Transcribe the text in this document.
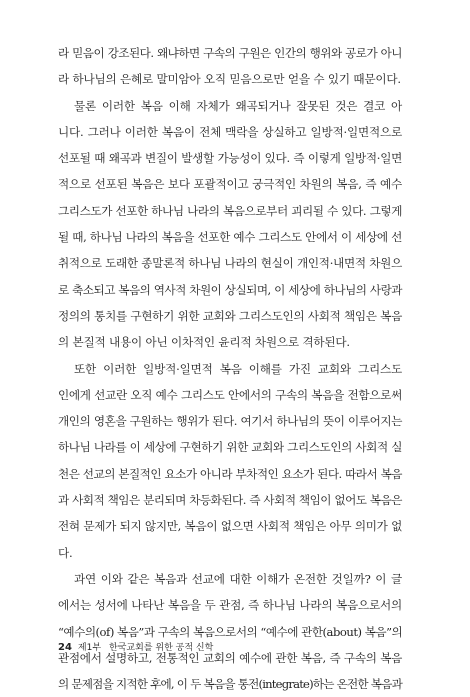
라 믿음이 강조된다. 왜냐하면 구속의 구원은 인간의 행위와 공로가 아니
라 하나님의 은혜로 말미암아 오직 믿음으로만 얻을 수 있기 때문이다.
물론 이러한 복음 이해 자체가 왜곡되거나 잘못된 것은 결코 아
니다. 그러나 이러한 복음이 전체 맥락을 상실하고 일방적·일면적으로
선포될 때 왜곡과 변질이 발생할 가능성이 있다. 즉 이렇게 일방적·일면
적으로 선포된 복음은 보다 포괄적이고 궁극적인 차원의 복음, 즉 예수
그리스도가 선포한 하나님 나라의 복음으로부터 괴리될 수 있다. 그렇게
될 때, 하나님 나라의 복음을 선포한 예수 그리스도 안에서 이 세상에 선
취적으로 도래한 종말론적 하나님 나라의 현실이 개인적·내면적 차원으
로 축소되고 복음의 역사적 차원이 상실되며, 이 세상에 하나님의 사랑과
정의의 통치를 구현하기 위한 교회와 그리스도인의 사회적 책임은 복음
의 본질적 내용이 아닌 이차적인 윤리적 차원으로 격하된다.
또한 이러한 일방적·일면적 복음 이해를 가진 교회와 그리스도
인에게 선교란 오직 예수 그리스도 안에서의 구속의 복음을 전함으로써
개인의 영혼을 구원하는 행위가 된다. 여기서 하나님의 뜻이 이루어지는
하나님 나라를 이 세상에 구현하기 위한 교회와 그리스도인의 사회적 실
천은 선교의 본질적인 요소가 아니라 부차적인 요소가 된다. 따라서 복음
과 사회적 책임은 분리되며 차등화된다. 즉 사회적 책임이 없어도 복음은
전혀 문제가 되지 않지만, 복음이 없으면 사회적 책임은 아무 의미가 없
다.
과연 이와 같은 복음과 선교에 대한 이해가 온전한 것일까? 이 글
에서는 성서에 나타난 복음을 두 관점, 즉 하나님 나라의 복음으로서의
“예수의(of) 복음”과 구속의 복음으로서의 “예수에 관한(about) 복음”의
관점에서 설명하고, 전통적인 교회의 예수에 관한 복음, 즉 구속의 복음
의 문제점을 지적한 후에, 이 두 복음을 통전(integrate)하는 온전한 복음과
24 제1부 한국교회를 위한 공적 신학
